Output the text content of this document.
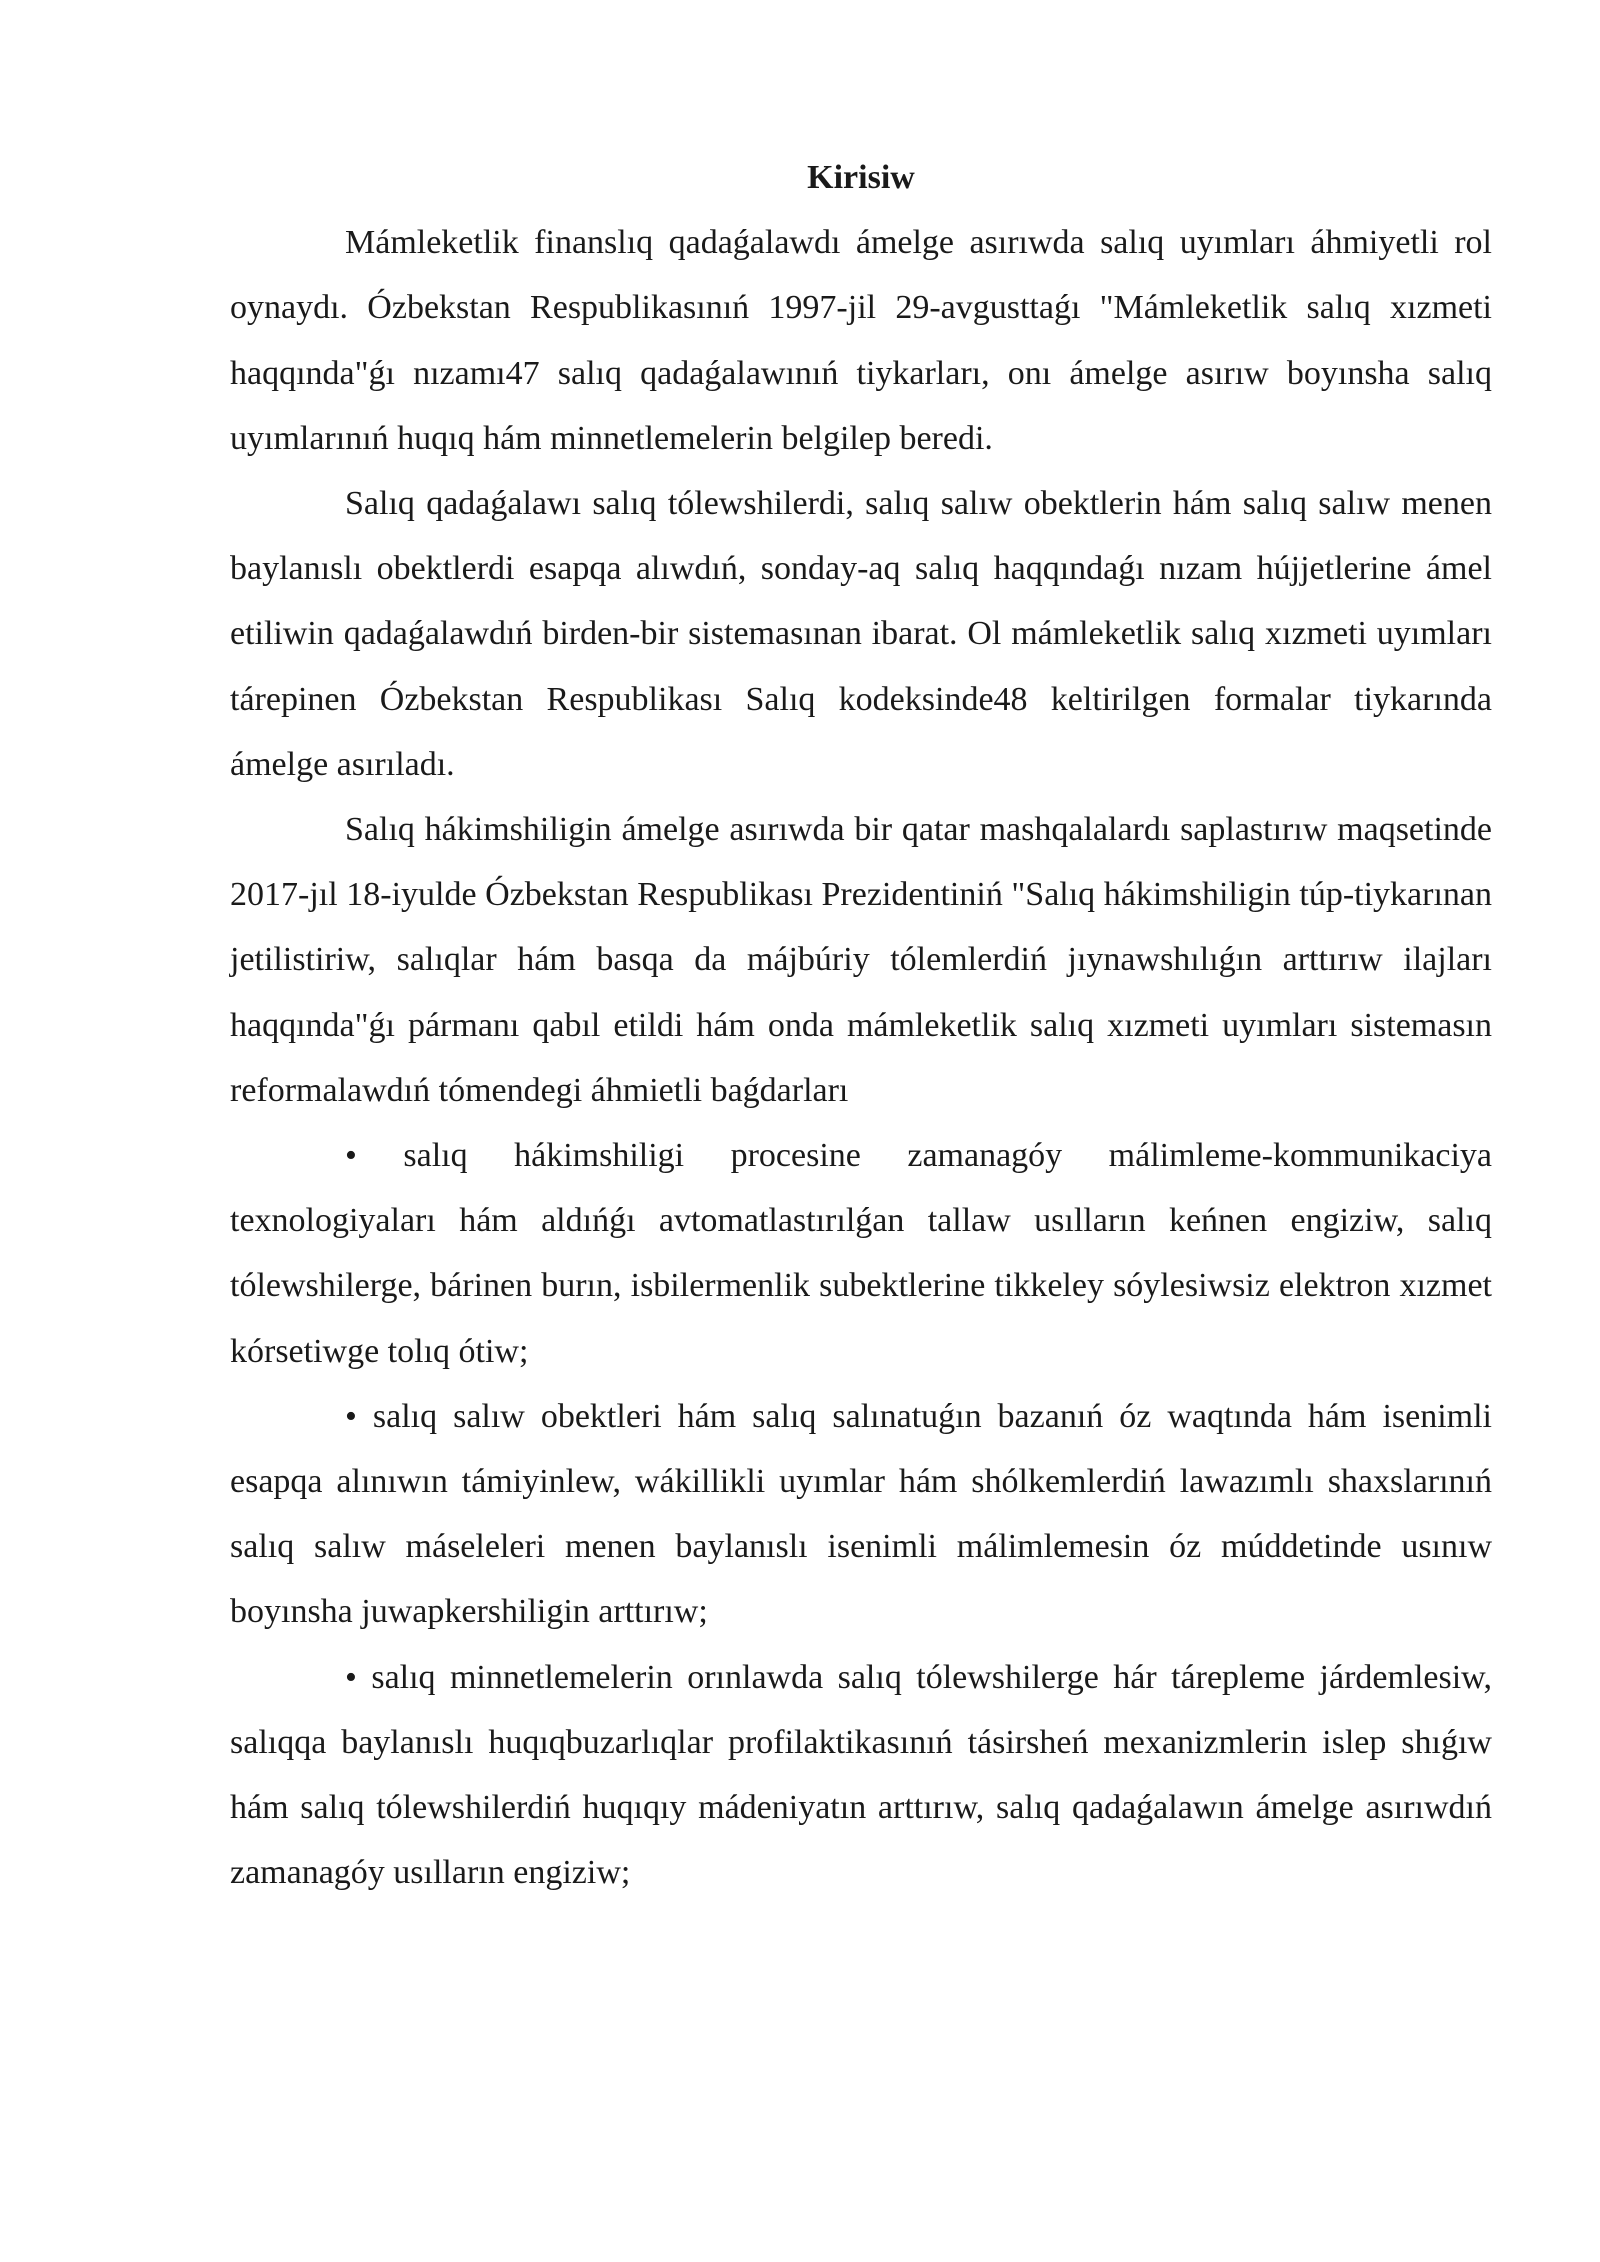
Kirisiw

Mámleketlik finanslıq qadaǵalawdı ámelge asırıwda salıq uyımları áhmiyetli rol oynaydı. Ózbekstan Respublikasınıń 1997-jil 29-avgusttaǵı "Mámleketlik salıq xızmeti haqqında"ǵı nızamı47 salıq qadaǵalawınıń tiykarları, onı ámelge asırıw boyınsha salıq uyımlarınıń huqıq hám minnetlemelerin belgilep beredi.

Salıq qadaǵalawı salıq tólewshilerdi, salıq salıw obektlerin hám salıq salıw menen baylanıslı obektlerdi esapqa alıwdıń, sonday-aq salıq haqqındaǵı nızam hújjetlerine ámel etiliwin qadaǵalawdıń birden-bir sistemasınan ibarat. Ol mámleketlik salıq xızmeti uyımları tárepinen Ózbekstan Respublikası Salıq kodeksinde48 keltirilgen formalar tiykarında ámelge asırıladı.

Salıq hákimshiligin ámelge asırıwda bir qatar mashqalalardı saplastırıw maqsetinde 2017-jıl 18-iyulde Ózbekstan Respublikası Prezidentiniń "Salıq hákimshiligin túp-tiykarınan jetilistiriw, salıqlar hám basqa da májbúriy tólemlerdiń jıynawshılıǵın arttırıw ilajları haqqında"ǵı pármanı qabıl etildi hám onda mámleketlik salıq xızmeti uyımları sistemasın reformalawdıń tómendegi áhmietli baǵdarları

• salıq hákimshiligi procesine zamanagóy málimleme-kommunikaciya texnologiyaları hám aldıńǵı avtomatlastırılǵan tallaw usılların keńnen engiziw, salıq tólewshilerge, bárinen burın, isbilermenlik subektlerine tikkeley sóylesiwsiz elektron xızmet kórsetiwge tolıq ótiw;

• salıq salıw obektleri hám salıq salınatuǵın bazanıń óz waqtında hám isenimli esapqa alınıwın támiyinlew, wákillikli uyımlar hám shólkemlerdiń lawazımlı shaxslarınıń salıq salıw máseleleri menen baylanıslı isenimli málimlemesin óz múddetinde usınıw boyınsha juwapkershiligin arttırıw;

• salıq minnetlemelerin orınlawda salıq tólewshilerge hár tárepleme járdemlesiw, salıqqa baylanıslı huqıqbuzarlıqlar profilaktikasınıń tásirsheń mexanizmlerin islep shıǵıw hám salıq tólewshilerdiń huqıqıy mádeniyatın arttırıw, salıq qadaǵalawın ámelge asırıwdıń zamanagóy usılların engiziw;
